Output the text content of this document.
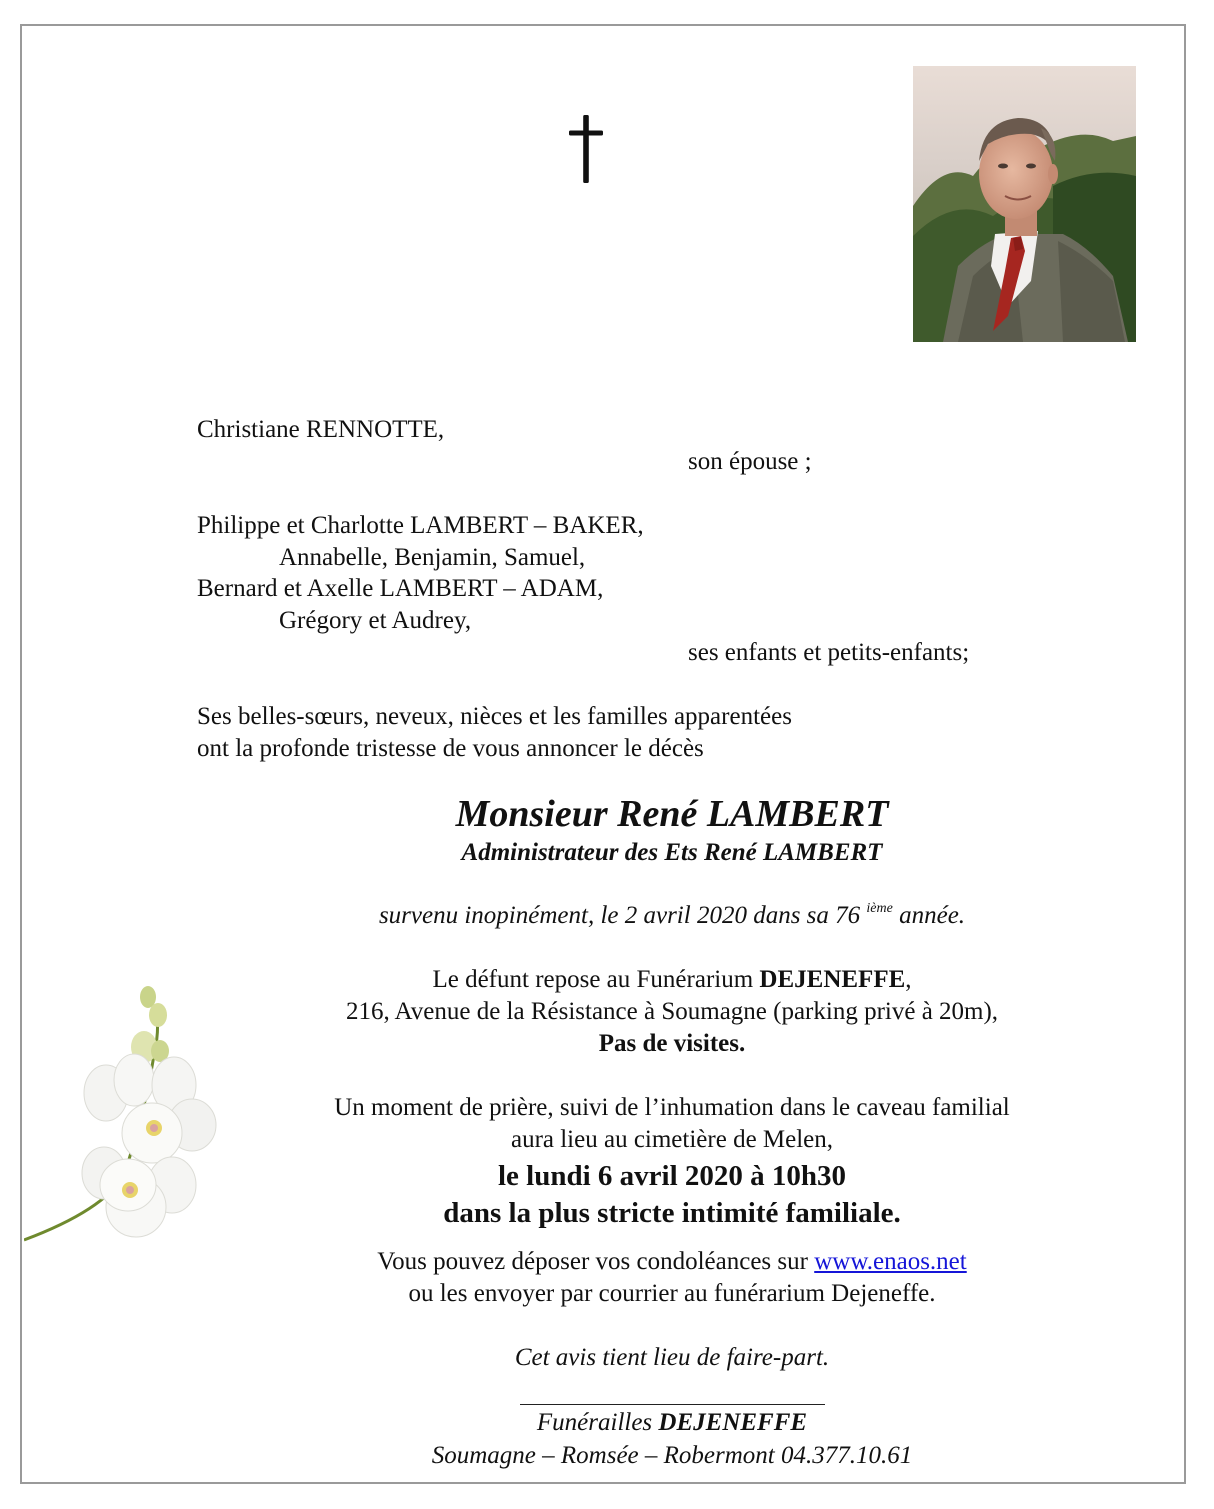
Christiane RENNOTTE,
son épouse ;
Philippe et Charlotte LAMBERT – BAKER,
Annabelle, Benjamin, Samuel,
Bernard et Axelle LAMBERT – ADAM,
Grégory et Audrey,
ses enfants et petits-enfants;
Ses belles-sœurs, neveux, nièces et les familles apparentées
ont la profonde tristesse de vous annoncer le décès
Monsieur René LAMBERT
Administrateur des Ets René LAMBERT
survenu inopinément, le 2 avril 2020 dans sa 76 $^{ième}$ année.
Le défunt repose au Funérarium DEJENEFFE,
216, Avenue de la Résistance à Soumagne (parking privé à 20m),
Pas de visites.
Un moment de prière, suivi de l’inhumation dans le caveau familial
aura lieu au cimetière de Melen,
le lundi 6 avril 2020 à 10h30
dans la plus stricte intimité familiale.
Vous pouvez déposer vos condoléances sur www.enaos.net
ou les envoyer par courrier au funérarium Dejeneffe.
Cet avis tient lieu de faire-part.
Funérailles DEJENEFFE
Soumagne – Romsée – Robermont 04.377.10.61
